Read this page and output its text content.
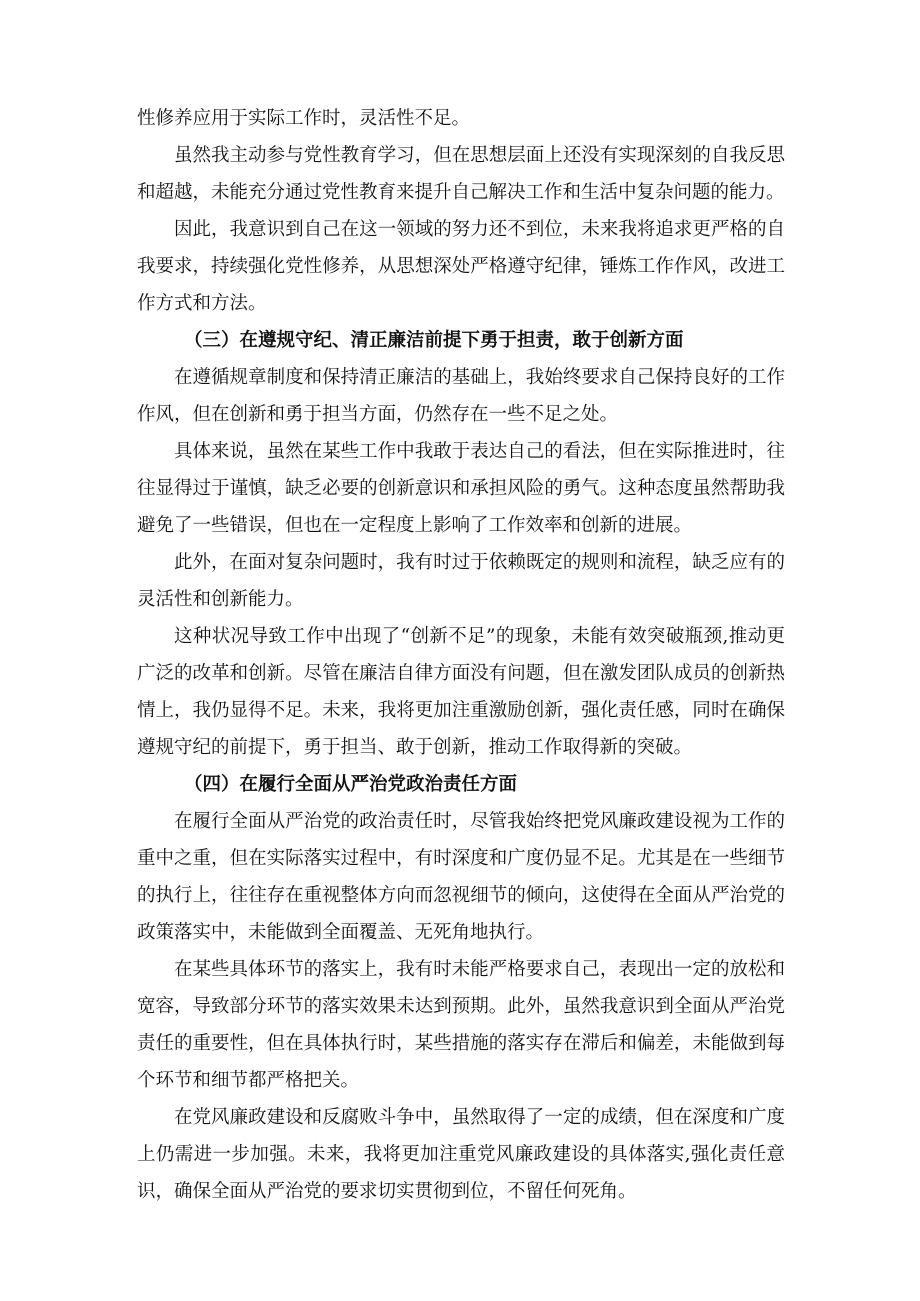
性修养应用于实际工作时，灵活性不足。

虽然我主动参与党性教育学习，但在思想层面上还没有实现深刻的自我反思和超越，未能充分通过党性教育来提升自己解决工作和生活中复杂问题的能力。

因此，我意识到自己在这一领域的努力还不到位，未来我将追求更严格的自我要求，持续强化党性修养，从思想深处严格遵守纪律，锤炼工作作风，改进工作方式和方法。

（三）在遵规守纪、清正廉洁前提下勇于担责，敢于创新方面

在遵循规章制度和保持清正廉洁的基础上，我始终要求自己保持良好的工作作风，但在创新和勇于担当方面，仍然存在一些不足之处。

具体来说，虽然在某些工作中我敢于表达自己的看法，但在实际推进时，往往显得过于谨慎，缺乏必要的创新意识和承担风险的勇气。这种态度虽然帮助我避免了一些错误，但也在一定程度上影响了工作效率和创新的进展。

此外，在面对复杂问题时，我有时过于依赖既定的规则和流程，缺乏应有的灵活性和创新能力。

这种状况导致工作中出现了“创新不足”的现象，未能有效突破瓶颈,推动更广泛的改革和创新。尽管在廉洁自律方面没有问题，但在激发团队成员的创新热情上，我仍显得不足。未来，我将更加注重激励创新，强化责任感，同时在确保遵规守纪的前提下，勇于担当、敢于创新，推动工作取得新的突破。

（四）在履行全面从严治党政治责任方面

在履行全面从严治党的政治责任时，尽管我始终把党风廉政建设视为工作的重中之重，但在实际落实过程中，有时深度和广度仍显不足。尤其是在一些细节的执行上，往往存在重视整体方向而忽视细节的倾向，这使得在全面从严治党的政策落实中，未能做到全面覆盖、无死角地执行。

在某些具体环节的落实上，我有时未能严格要求自己，表现出一定的放松和宽容，导致部分环节的落实效果未达到预期。此外，虽然我意识到全面从严治党责任的重要性，但在具体执行时，某些措施的落实存在滞后和偏差，未能做到每个环节和细节都严格把关。

在党风廉政建设和反腐败斗争中，虽然取得了一定的成绩，但在深度和广度上仍需进一步加强。未来，我将更加注重党风廉政建设的具体落实,强化责任意识，确保全面从严治党的要求切实贯彻到位，不留任何死角。
